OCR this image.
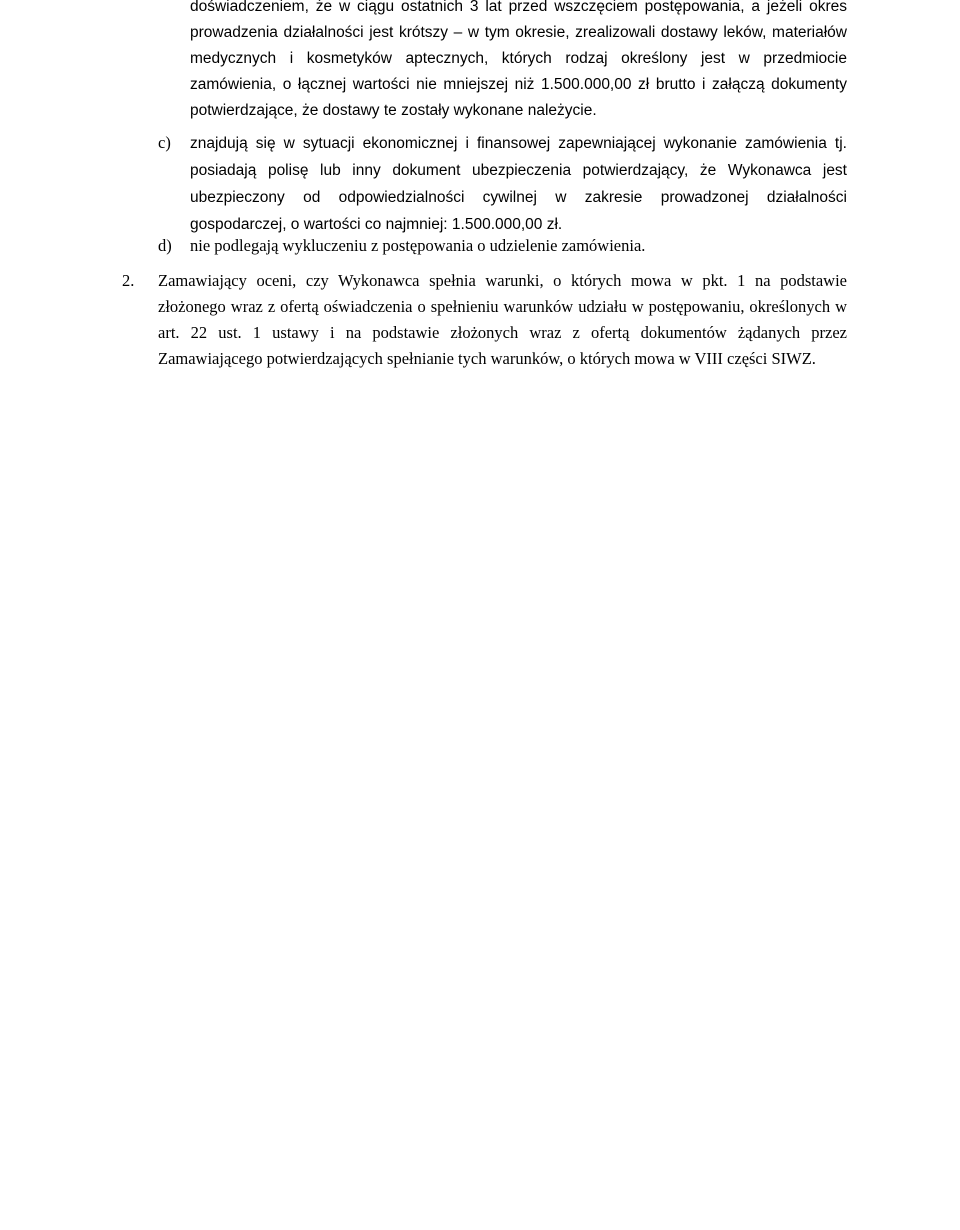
doświadczeniem, że w ciągu ostatnich 3 lat przed wszczęciem postępowania, a jeżeli okres prowadzenia działalności jest krótszy – w tym okresie, zrealizowali dostawy leków, materiałów medycznych i kosmetyków aptecznych, których rodzaj określony jest w przedmiocie zamówienia, o łącznej wartości nie mniejszej niż 1.500.000,00 zł brutto i załączą dokumenty potwierdzające, że dostawy te zostały wykonane należycie.
c) znajdują się w sytuacji ekonomicznej i finansowej zapewniającej wykonanie zamówienia tj. posiadają polisę lub inny dokument ubezpieczenia potwierdzający, że Wykonawca jest ubezpieczony od odpowiedzialności cywilnej w zakresie prowadzonej działalności gospodarczej, o wartości co najmniej: 1.500.000,00 zł.
d) nie podlegają wykluczeniu z postępowania o udzielenie zamówienia.
2. Zamawiający oceni, czy Wykonawca spełnia warunki, o których mowa w pkt. 1 na podstawie złożonego wraz z ofertą oświadczenia o spełnieniu warunków udziału w postępowaniu, określonych w art. 22 ust. 1 ustawy i na podstawie złożonych wraz z ofertą dokumentów żądanych przez Zamawiającego potwierdzających spełnianie tych warunków, o których mowa w VIII części SIWZ.
